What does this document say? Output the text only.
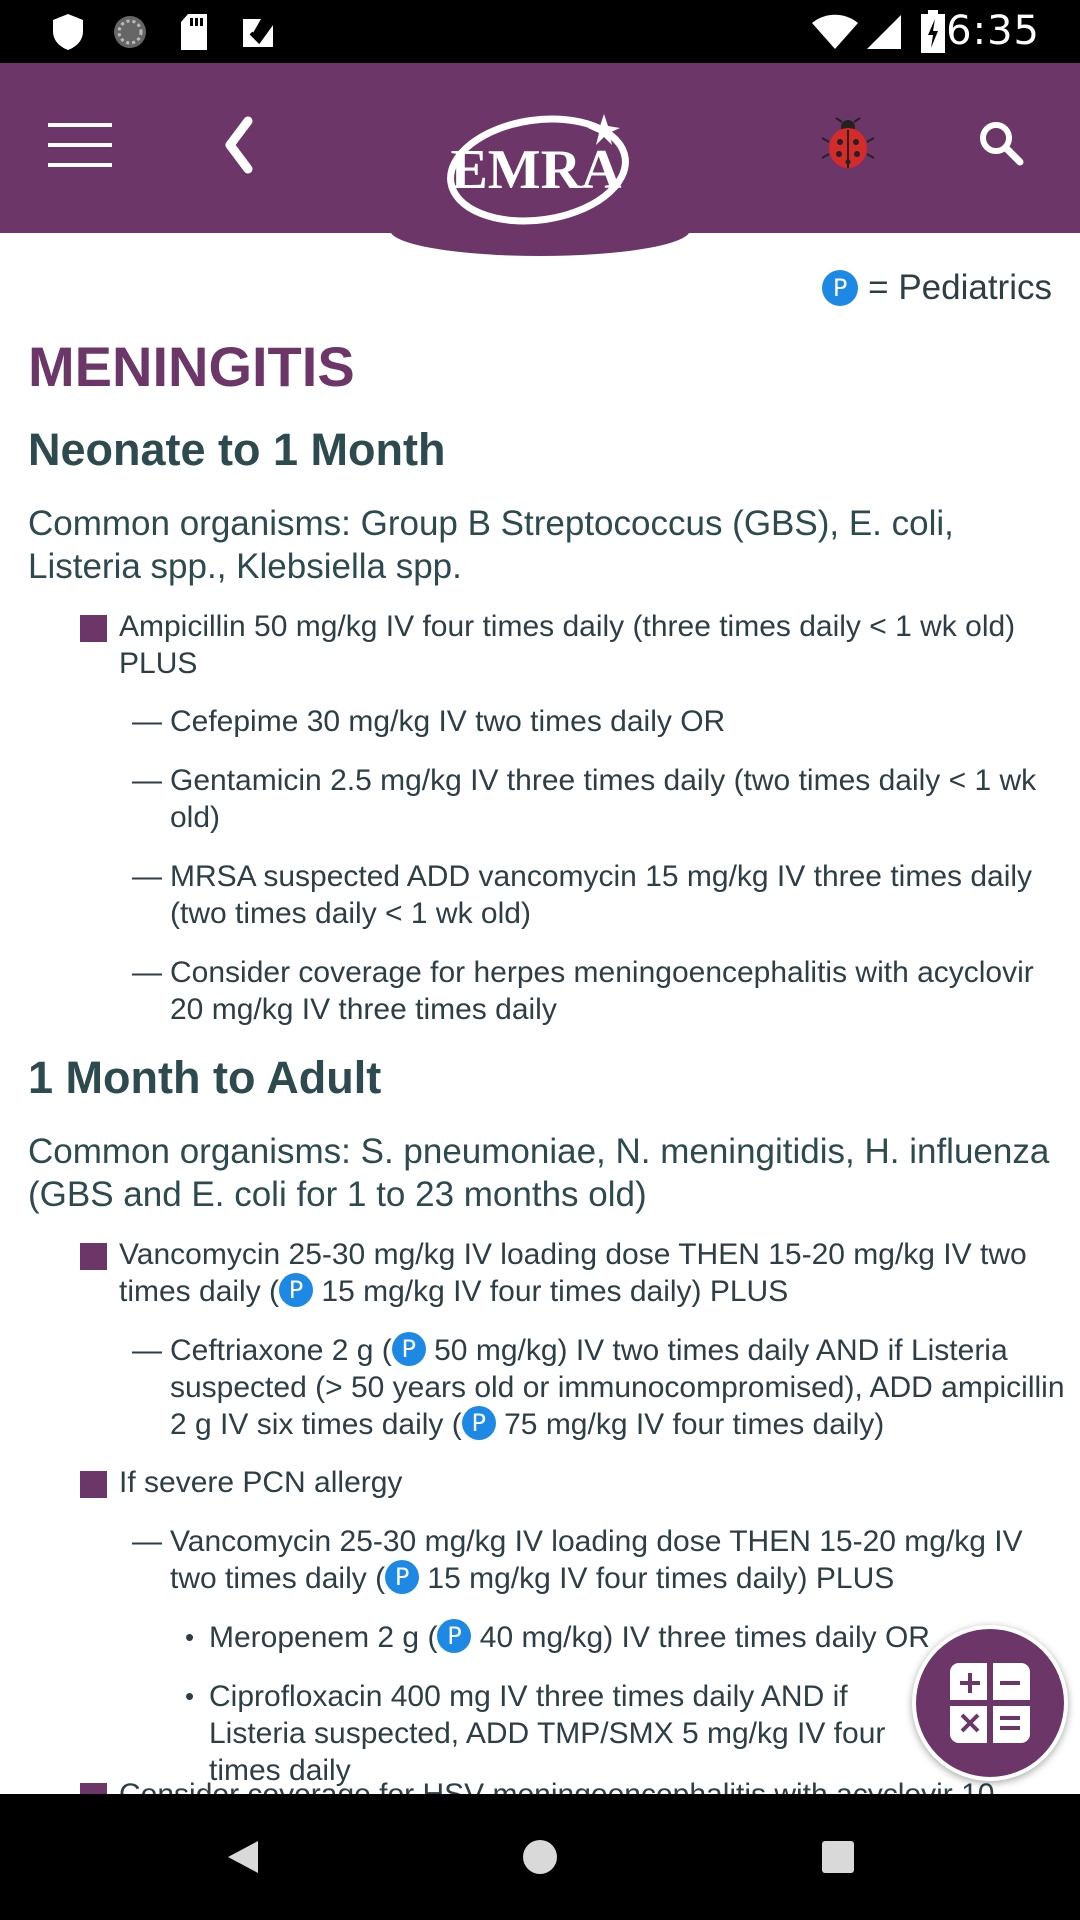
6:35
EMRA
P = Pediatrics
MENINGITIS
Neonate to 1 Month
Common organisms: Group B Streptococcus (GBS), E. coli, Listeria spp., Klebsiella spp.
Ampicillin 50 mg/kg IV four times daily (three times daily < 1 wk old) PLUS
— Cefepime 30 mg/kg IV two times daily OR
— Gentamicin 2.5 mg/kg IV three times daily (two times daily < 1 wk old)
— MRSA suspected ADD vancomycin 15 mg/kg IV three times daily (two times daily < 1 wk old)
— Consider coverage for herpes meningoencephalitis with acyclovir 20 mg/kg IV three times daily
1 Month to Adult
Common organisms: S. pneumoniae, N. meningitidis, H. influenza (GBS and E. coli for 1 to 23 months old)
Vancomycin 25-30 mg/kg IV loading dose THEN 15-20 mg/kg IV two times daily ( P 15 mg/kg IV four times daily) PLUS
— Ceftriaxone 2 g ( P 50 mg/kg) IV two times daily AND if Listeria suspected (> 50 years old or immunocompromised), ADD ampicillin 2 g IV six times daily ( P 75 mg/kg IV four times daily)
If severe PCN allergy
— Vancomycin 25-30 mg/kg IV loading dose THEN 15-20 mg/kg IV two times daily ( P 15 mg/kg IV four times daily) PLUS
• Meropenem 2 g ( P 40 mg/kg) IV three times daily OR
• Ciprofloxacin 400 mg IV three times daily AND if Listeria suspected, ADD TMP/SMX 5 mg/kg IV four times daily
